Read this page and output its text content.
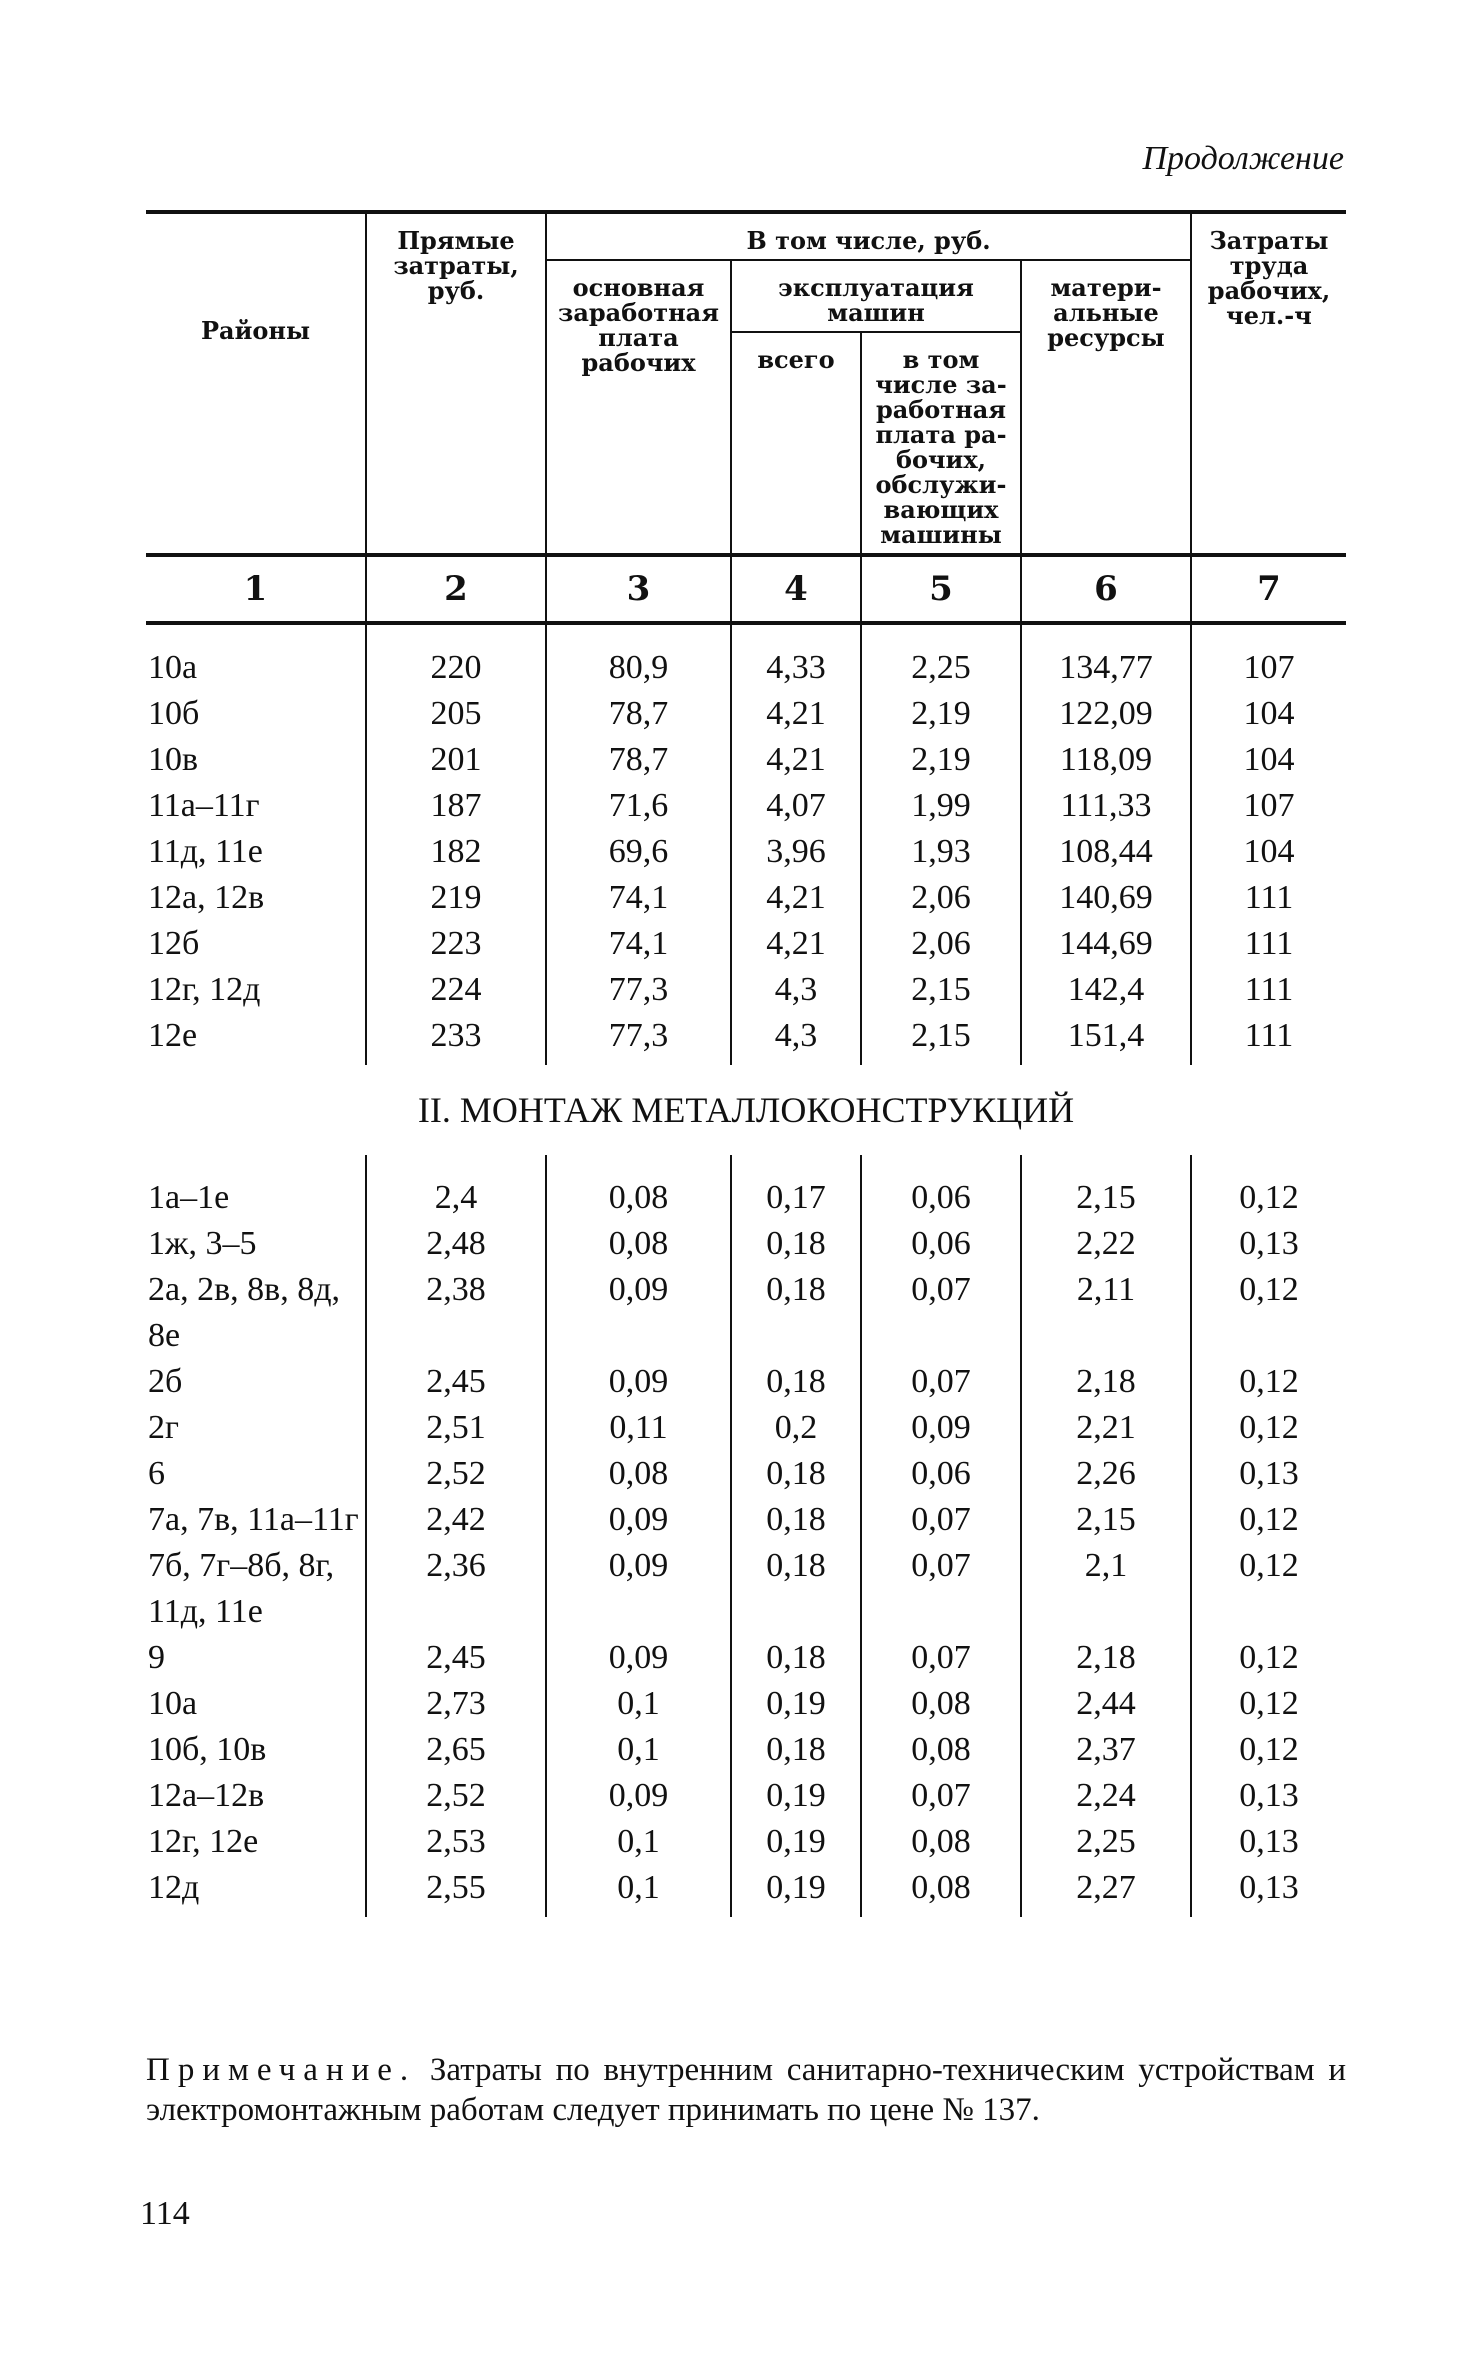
Продолжение
Районы	Прямые затраты, руб.	В том числе, руб.				Затраты труда рабочих, чел.-ч
		основная заработная плата рабочих	эксплуатация машин		материальные ресурсы	
			всего	в том числе заработная плата рабочих, обслуживающих машины		
1	2	3	4	5	6	7
10а	220	80,9	4,33	2,25	134,77	107
10б	205	78,7	4,21	2,19	122,09	104
10в	201	78,7	4,21	2,19	118,09	104
11а–11г	187	71,6	4,07	1,99	111,33	107
11д, 11е	182	69,6	3,96	1,93	108,44	104
12а, 12в	219	74,1	4,21	2,06	140,69	111
12б	223	74,1	4,21	2,06	144,69	111
12г, 12д	224	77,3	4,3	2,15	142,4	111
12е	233	77,3	4,3	2,15	151,4	111
II. МОНТАЖ МЕТАЛЛОКОНСТРУКЦИЙ						
1а–1е	2,4	0,08	0,17	0,06	2,15	0,12
1ж, 3–5	2,48	0,08	0,18	0,06	2,22	0,13
2а, 2в, 8в, 8д, 8е	2,38	0,09	0,18	0,07	2,11	0,12
2б	2,45	0,09	0,18	0,07	2,18	0,12
2г	2,51	0,11	0,2	0,09	2,21	0,12
6	2,52	0,08	0,18	0,06	2,26	0,13
7а, 7в, 11а–11г	2,42	0,09	0,18	0,07	2,15	0,12
7б, 7г–8б, 8г, 11д, 11е	2,36	0,09	0,18	0,07	2,1	0,12
9	2,45	0,09	0,18	0,07	2,18	0,12
10а	2,73	0,1	0,19	0,08	2,44	0,12
10б, 10в	2,65	0,1	0,18	0,08	2,37	0,12
12а–12в	2,52	0,09	0,19	0,07	2,24	0,13
12г, 12е	2,53	0,1	0,19	0,08	2,25	0,13
12д	2,55	0,1	0,19	0,08	2,27	0,13
Примечание. Затраты по внутренним санитарно-техническим устройствам и электромонтажным работам следует принимать по цене № 137.
114
